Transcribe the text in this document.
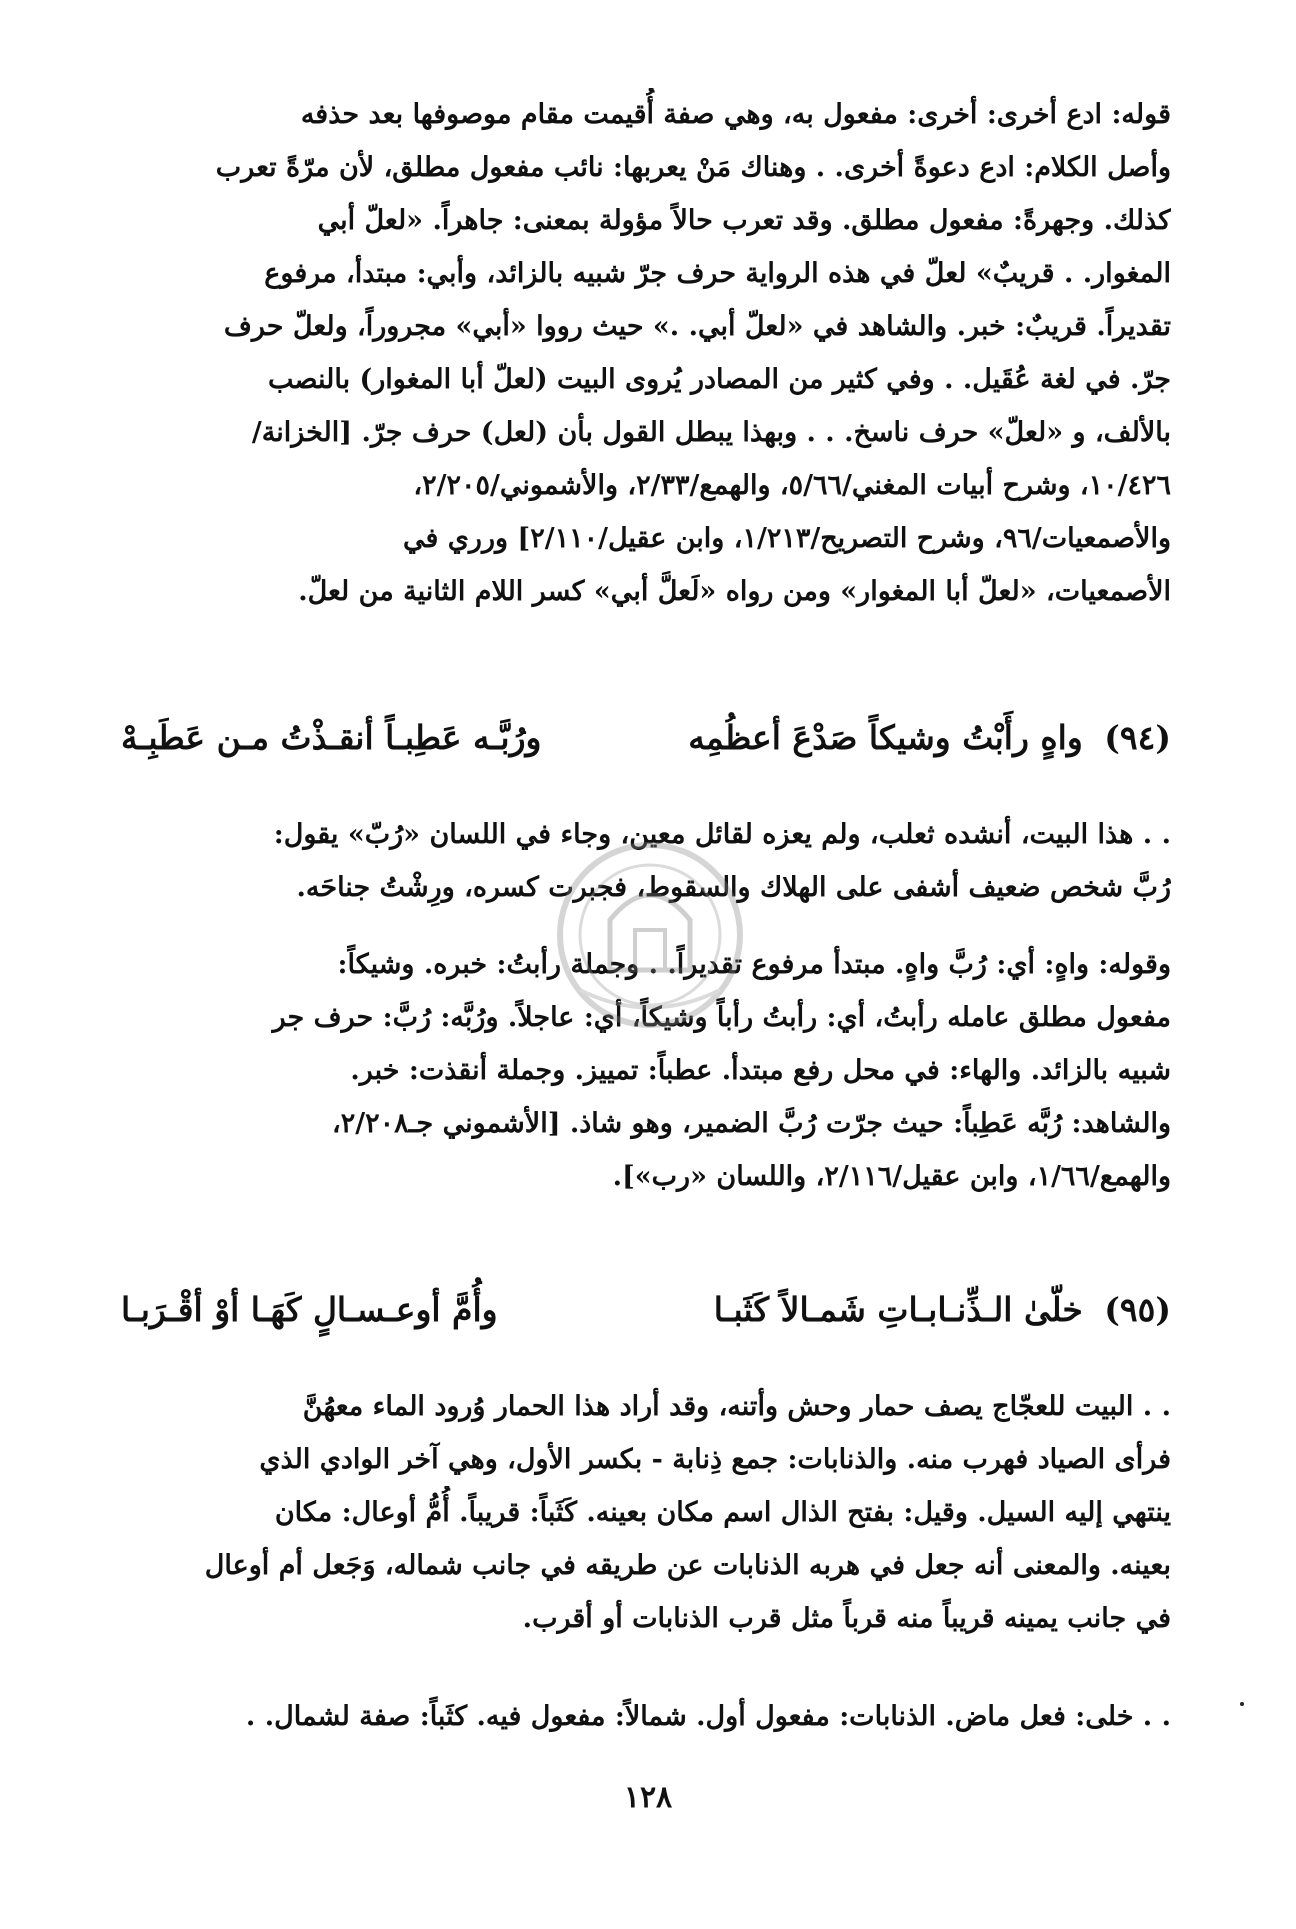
قوله: ادع أخرى: أخرى: مفعول به، وهي صفة أُقيمت مقام موصوفها بعد حذفه
وأصل الكلام: ادع دعوةً أخرى. . وهناك مَنْ يعربها: نائب مفعول مطلق، لأن مرّةً تعرب
كذلك. وجهرةً: مفعول مطلق. وقد تعرب حالاً مؤولة بمعنى: جاهراً. «لعلّ أبي
المغوار. . قريبٌ» لعلّ في هذه الرواية حرف جرّ شبيه بالزائد، وأبي: مبتدأ، مرفوع
تقديراً. قريبٌ: خبر. والشاهد في «لعلّ أبي. .» حيث رووا «أبي» مجروراً، ولعلّ حرف
جرّ. في لغة عُقَيل. . وفي كثير من المصادر يُروى البيت (لعلّ أبا المغوار) بالنصب
بالألف، و «لعلّ» حرف ناسخ. . . وبهذا يبطل القول بأن (لعل) حرف جرّ. [الخزانة/
١٠/٤٢٦، وشرح أبيات المغني/٥/٦٦، والهمع/٢/٣٣، والأشموني/٢/٢٠٥،
والأصمعيات/٩٦، وشرح التصريح/١/٢١٣، وابن عقيل/٢/١١٠] ورري في
الأصمعيات، «لعلّ أبا المغوار» ومن رواه «لَعلَّ أبي» كسر اللام الثانية من لعلّ.
(٩٤) واهٍ رأَبْتُ وشيكاً صَدْعَ أعظُمِه
ورُبَّـه عَطِبـاً أنقـذْتُ مـن عَطَبِـهْ
. . هذا البيت، أنشده ثعلب، ولم يعزه لقائل معين، وجاء في اللسان «رُبّ» يقول:
رُبَّ شخص ضعيف أشفى على الهلاك والسقوط، فجبرت كسره، ورِشْتُ جناحَه.
وقوله: واهٍ: أي: رُبَّ واهٍ. مبتدأ مرفوع تقديراً. . وجملة رأبتُ: خبره. وشيكاً:
مفعول مطلق عامله رأبتُ، أي: رأبتُ رأباً وشيكاً، أي: عاجلاً. ورُبَّه: رُبَّ: حرف جر
شبيه بالزائد. والهاء: في محل رفع مبتدأ. عطباً: تمييز. وجملة أنقذت: خبر.
والشاهد: رُبَّه عَطِباً: حيث جرّت رُبَّ الضمير، وهو شاذ. [الأشموني جـ٢/٢٠٨،
والهمع/١/٦٦، وابن عقيل/٢/١١٦، واللسان «رب»].
(٩٥) خلّىٰ الـذِّنـابـاتِ شَمـالاً كَثَبـا
وأُمَّ أوعـسـالٍ كَهَـا أوْ أقْـرَبـا
. . البيت للعجّاج يصف حمار وحش وأتنه، وقد أراد هذا الحمار وُرود الماء معهُنَّ
فرأى الصياد فهرب منه. والذنابات: جمع ذِنابة - بكسر الأول، وهي آخر الوادي الذي
ينتهي إليه السيل. وقيل: بفتح الذال اسم مكان بعينه. كَثَباً: قريباً. أُمُّ أوعال: مكان
بعينه. والمعنى أنه جعل في هربه الذنابات عن طريقه في جانب شماله، وَجَعل أم أوعال
في جانب يمينه قريباً منه قرباً مثل قرب الذنابات أو أقرب.
. . خلى: فعل ماض. الذنابات: مفعول أول. شمالاً: مفعول فيه. كثَباً: صفة لشمال. .
١٢٨
